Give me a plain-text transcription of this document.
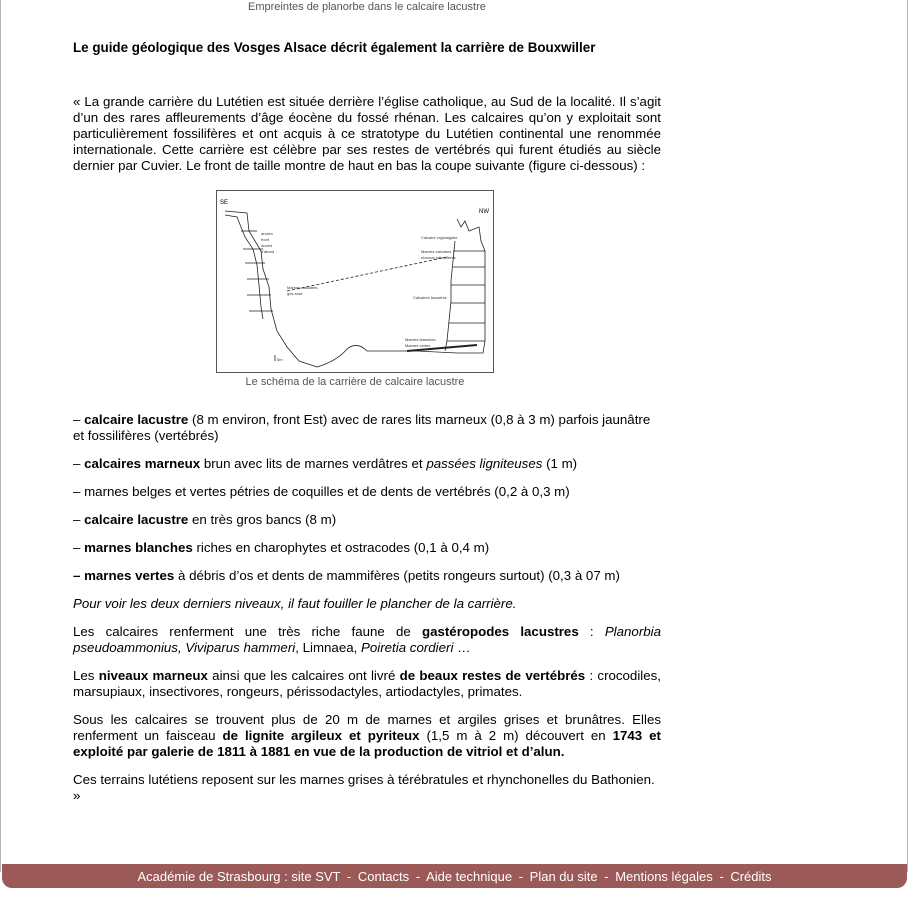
Empreintes de planorbe dans le calcaire lacustre
Le guide géologique des Vosges Alsace décrit également la carrière de Bouxwiller

« La grande carrière du Lutétien est située derrière l’église catholique, au Sud de la localité. Il s’agit d’un des rares affleurements d’âge éocène du fossé rhénan. Les calcaires qu’on y exploitait sont particulièrement fossilifères et ont acquis à ce stratotype du Lutétien continental une renommée internationale. Cette carrière est célèbre par ses restes de vertébrés qui furent étudiés au siècle dernier par Cuvier. Le front de taille montre de haut en bas la coupe suivante (figure ci-dessous) :

SE
NW
ancien
front
ouvert
d'abord
Marnes-calcaires
gris-rosé
Calcaire cryptalgaire
Marnes calcaires
niveaux pétrolifères
Calcaires lacustres
Marnes blanches
Marnes vertes
5m
Le schéma de la carrière de calcaire lacustre

– calcaire lacustre (8 m environ, front Est) avec de rares lits marneux (0,8 à 3 m) parfois jaunâtre et fossilifères (vertébrés)

– calcaires marneux brun avec lits de marnes verdâtres et passées ligniteuses (1 m)

– marnes belges et vertes pétries de coquilles et de dents de vertébrés (0,2 à 0,3 m)

– calcaire lacustre en très gros bancs (8 m)

– marnes blanches riches en charophytes et ostracodes (0,1 à 0,4 m)

– marnes vertes à débris d’os et dents de mammifères (petits rongeurs surtout) (0,3 à 07 m)

Pour voir les deux derniers niveaux, il faut fouiller le plancher de la carrière.

Les calcaires renferment une très riche faune de gastéropodes lacustres : Planorbia pseudoammonius, Viviparus hammeri, Limnaea, Poiretia cordieri …

Les niveaux marneux ainsi que les calcaires ont livré de beaux restes de vertébrés : crocodiles, marsupiaux, insectivores, rongeurs, périssodactyles, artiodactyles, primates.

Sous les calcaires se trouvent plus de 20 m de marnes et argiles grises et brunâtres. Elles renferment un faisceau de lignite argileux et pyriteux (1,5 m à 2 m) découvert en 1743 et exploité par galerie de 1811 à 1881 en vue de la production de vitriol et d’alun.

Ces terrains lutétiens reposent sur les marnes grises à térébratules et rhynchonelles du Bathonien. »

Académie de Strasbourg : site SVT - Contacts - Aide technique - Plan du site - Mentions légales - Crédits
